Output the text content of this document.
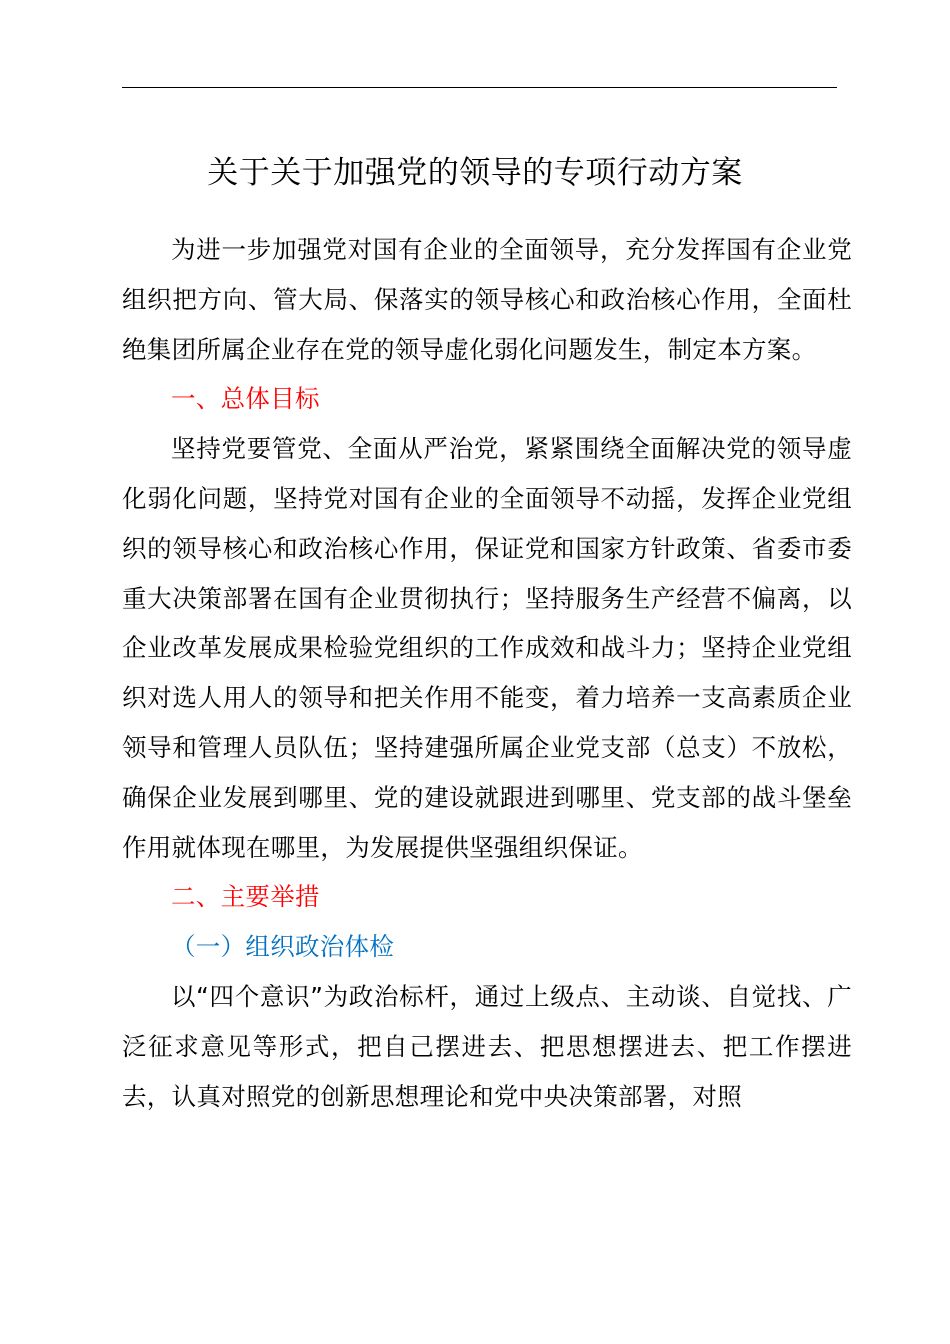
关于关于加强党的领导的专项行动方案

为进一步加强党对国有企业的全面领导，充分发挥国有企业党组织把方向、管大局、保落实的领导核心和政治核心作用，全面杜绝集团所属企业存在党的领导虚化弱化问题发生，制定本方案。

一、总体目标

坚持党要管党、全面从严治党，紧紧围绕全面解决党的领导虚化弱化问题，坚持党对国有企业的全面领导不动摇，发挥企业党组织的领导核心和政治核心作用，保证党和国家方针政策、省委市委重大决策部署在国有企业贯彻执行；坚持服务生产经营不偏离，以企业改革发展成果检验党组织的工作成效和战斗力；坚持企业党组织对选人用人的领导和把关作用不能变，着力培养一支高素质企业领导和管理人员队伍；坚持建强所属企业党支部（总支）不放松，确保企业发展到哪里、党的建设就跟进到哪里、党支部的战斗堡垒作用就体现在哪里，为发展提供坚强组织保证。

二、主要举措

（一）组织政治体检

以“四个意识”为政治标杆，通过上级点、主动谈、自觉找、广泛征求意见等形式，把自己摆进去、把思想摆进去、把工作摆进去，认真对照党的创新思想理论和党中央决策部署，对照
